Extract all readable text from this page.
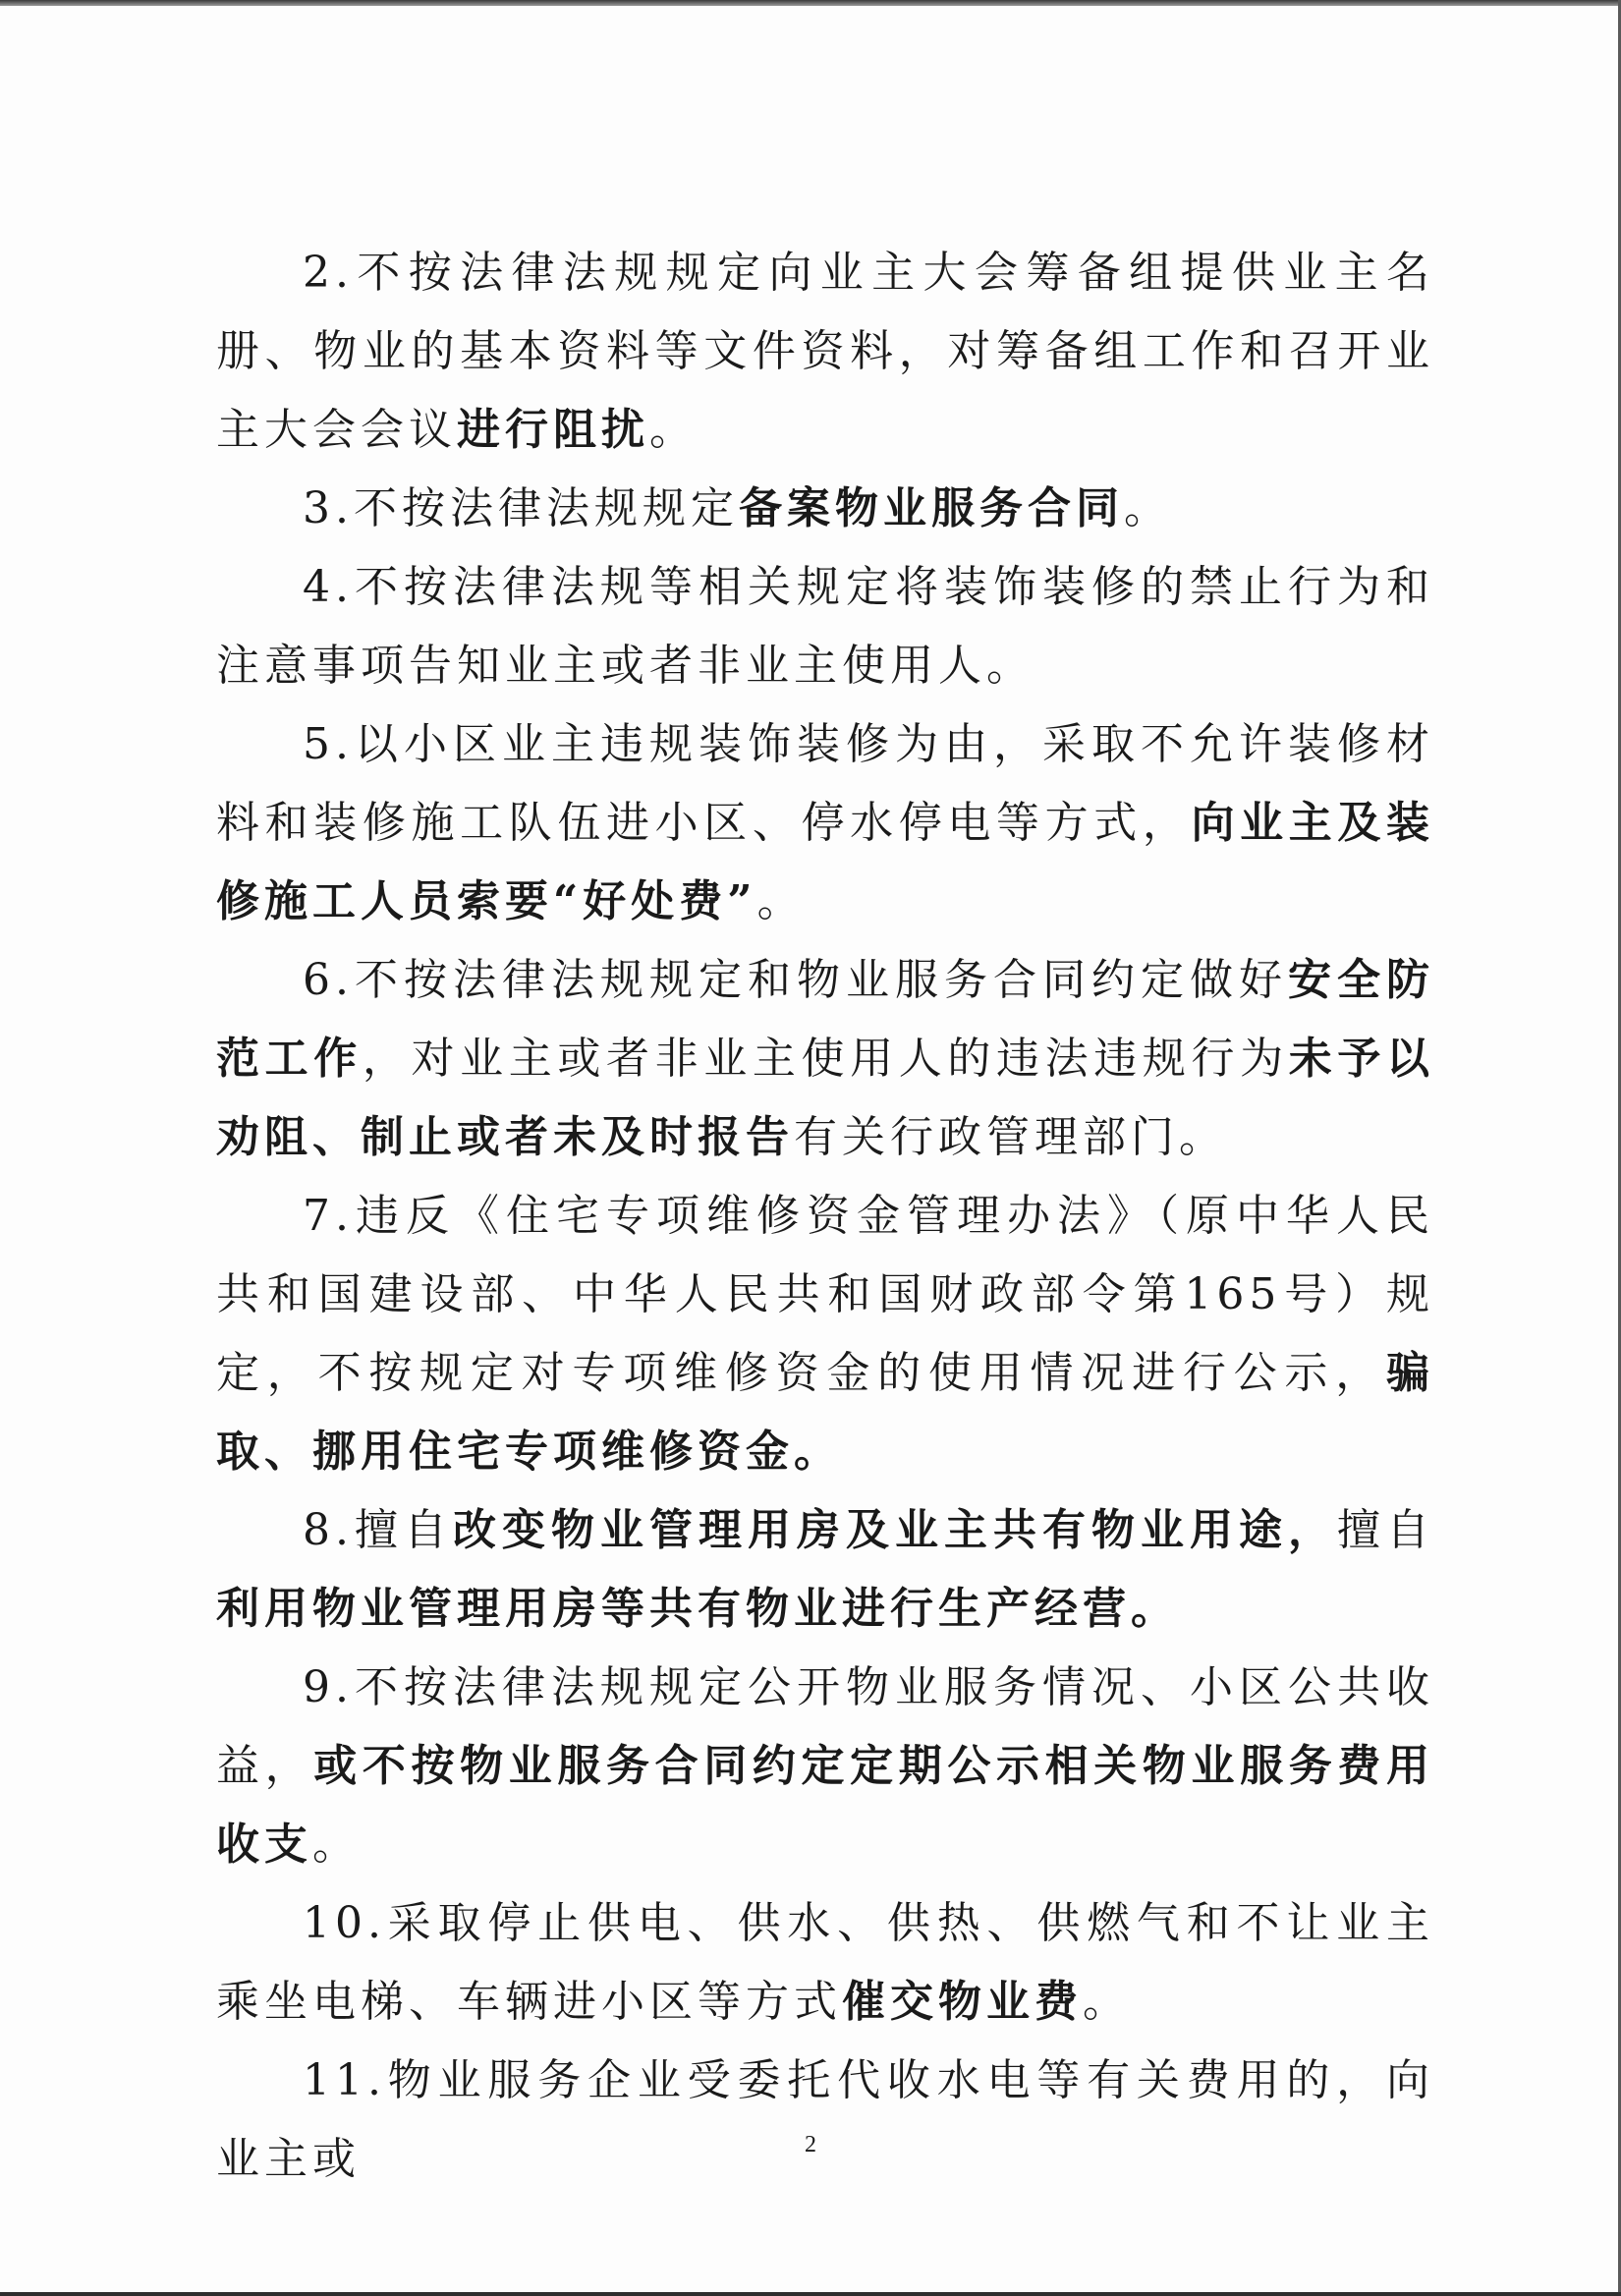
2.不按法律法规规定向业主大会筹备组提供业主名册、物业的基本资料等文件资料，对筹备组工作和召开业主大会会议进行阻扰。

3.不按法律法规规定备案物业服务合同。

4.不按法律法规等相关规定将装饰装修的禁止行为和注意事项告知业主或者非业主使用人。

5.以小区业主违规装饰装修为由，采取不允许装修材料和装修施工队伍进小区、停水停电等方式，向业主及装修施工人员索要“好处费”。

6.不按法律法规规定和物业服务合同约定做好安全防范工作，对业主或者非业主使用人的违法违规行为未予以劝阻、制止或者未及时报告有关行政管理部门。

7.违反《住宅专项维修资金管理办法》（原中华人民共和国建设部、中华人民共和国财政部令第165号）规定，不按规定对专项维修资金的使用情况进行公示，骗取、挪用住宅专项维修资金。

8.擅自改变物业管理用房及业主共有物业用途，擅自利用物业管理用房等共有物业进行生产经营。

9.不按法律法规规定公开物业服务情况、小区公共收益，或不按物业服务合同约定定期公示相关物业服务费用收支。

10.采取停止供电、供水、供热、供燃气和不让业主乘坐电梯、车辆进小区等方式催交物业费。

11.物业服务企业受委托代收水电等有关费用的，向业主或	2
